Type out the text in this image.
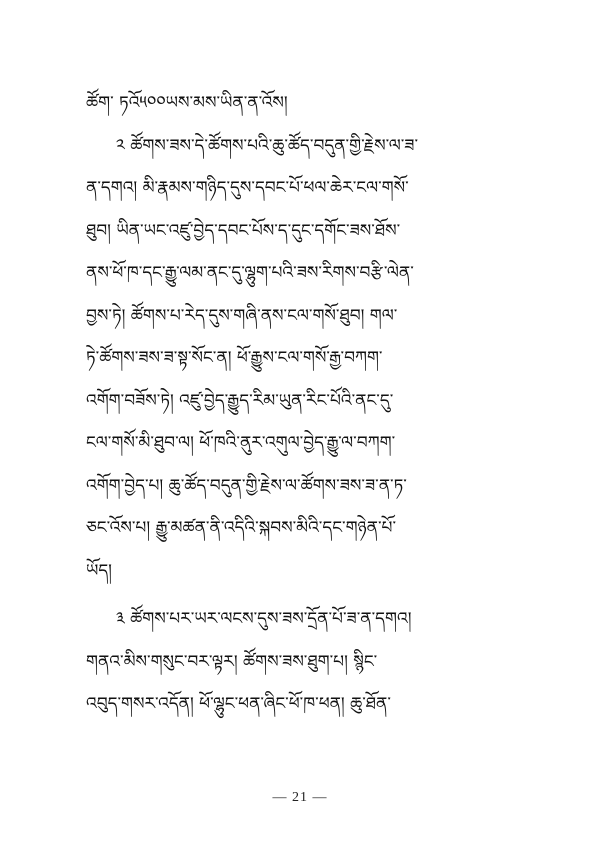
ཚོག་ ཏའོ༥༠༠ཡས་མས་ཡིན་ན་འོས།
༢ ཚོགས་ཟས་དེ་ཚོགས་པའི་ཆུ་ཚོད་བདུན་གྱི་རྗེས་ལ་ཟ་
ན་དགའ། མི་རྣམས་གཉིད་དུས་དབང་པོ་ཕལ་ཆེར་ངལ་གསོ་
ཐུབ། ཡིན་ཡང་འཛུ་བྱེད་དབང་པོས་ད་དུང་དགོང་ཟས་ཐོས་
ནས་ཕོ་ཁ་དང་རྒྱུ་ལམ་ནང་དུ་ལྷུག་པའི་ཟས་རིགས་བརྩི་ལེན་
བྱས་ཏེ། ཚོགས་པ་རེད་དུས་གཞི་ནས་ངལ་གསོ་ཐུབ། གལ་
ཏེ་ཚོགས་ཟས་ཟ་སྟ་སོང་ན། ཕོ་རྒྱུས་ངལ་གསོ་རྒྱ་བཀག་
འགོག་བཟོས་ཏེ། འཛུ་བྱེད་རྒྱུད་རིམ་ཡུན་རིང་པོའི་ནང་དུ་
ངལ་གསོ་མི་ཐུབ་ལ། ཕོ་ཁའི་ནུར་འགུལ་བྱེད་རྒྱུ་ལ་བཀག་
འགོག་བྱེད་པ། ཆུ་ཚོད་བདུན་གྱི་རྗེས་ལ་ཚོགས་ཟས་ཟ་ན་ཏ་
ཅང་འོས་པ། རྒྱུ་མཚན་ནི་འདིའི་སྐབས་མིའི་དང་གཉེན་པོ་
ཡོད།
༣ ཚོགས་པར་ཡར་ལངས་དུས་ཟས་དྲོན་པོ་ཟ་ན་དགའ།
གནའ་མིས་གསུང་བར་ལྟར། ཚོགས་ཟས་ཐུག་པ། སྙིང་
འབུད་གསར་འདོན། ཕོ་ལྷུང་ཕན་ཞིང་ཕོ་ཁ་ཕན། ཆུ་ཐོན་
— 21 —
